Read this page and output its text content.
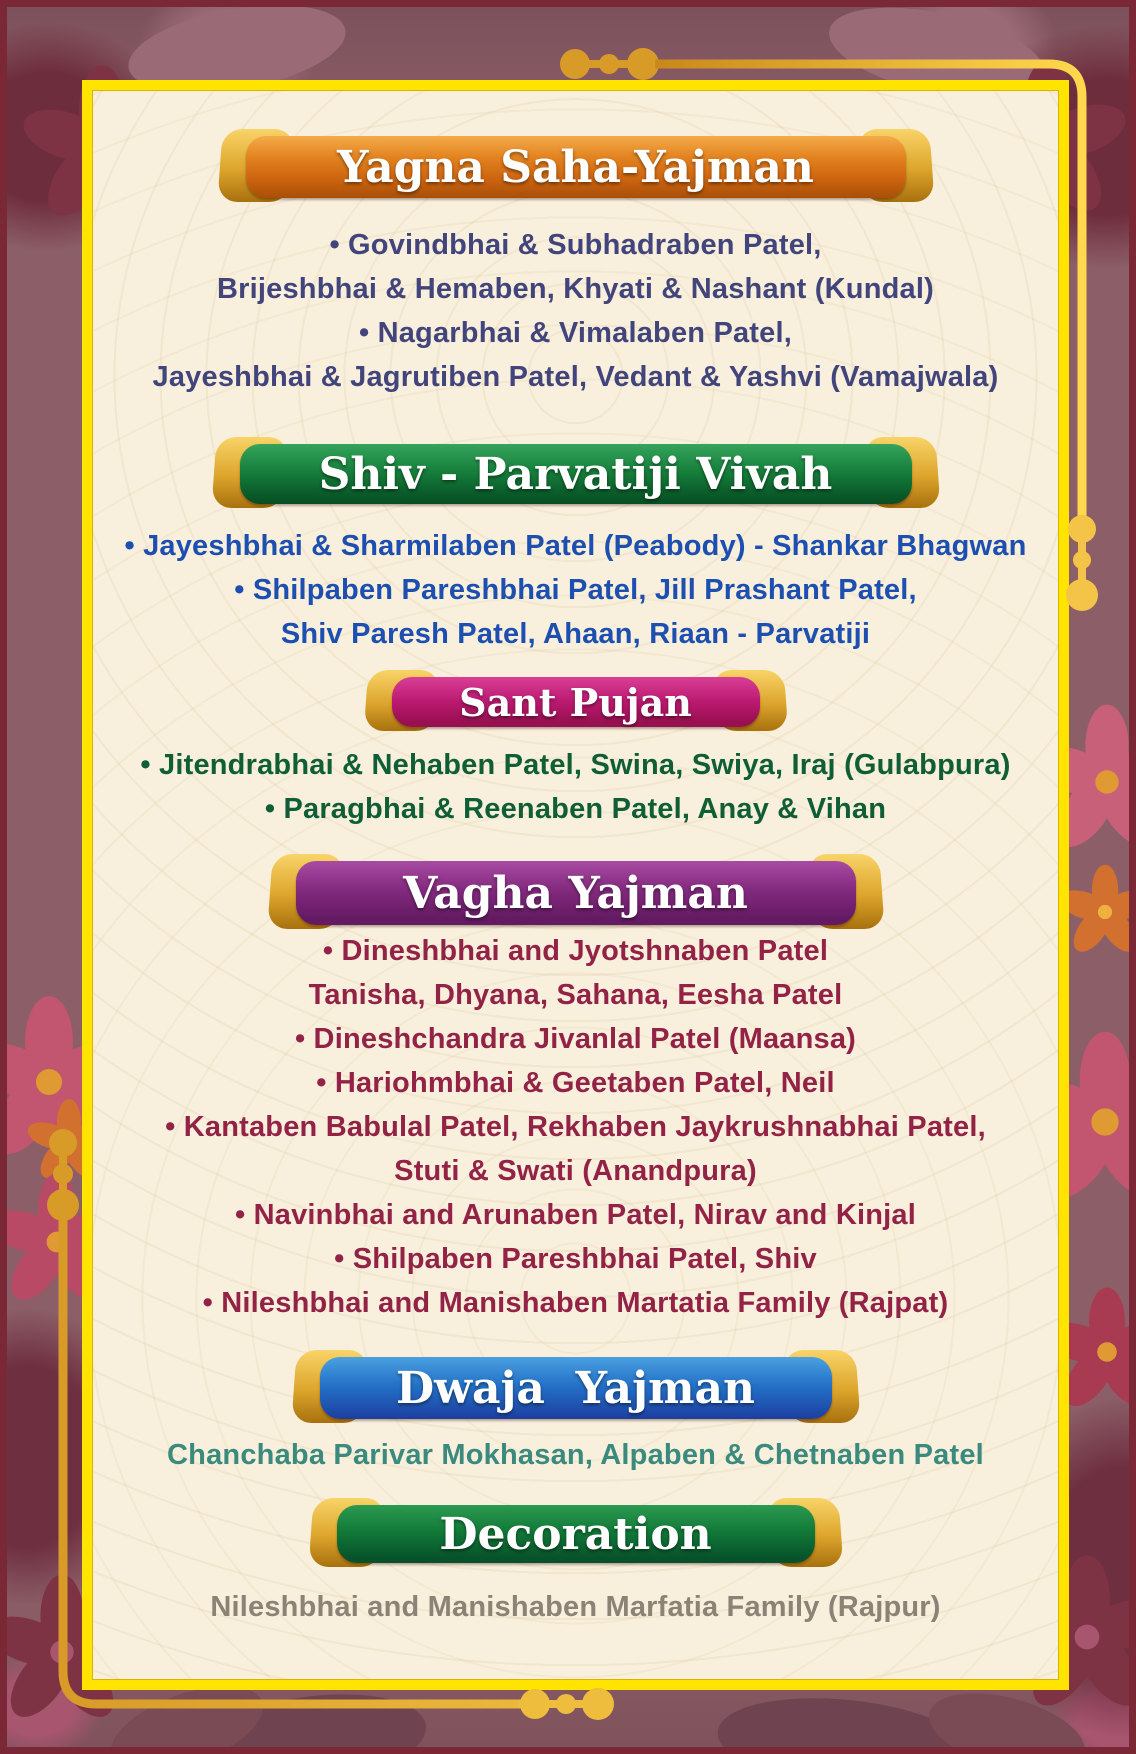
Yagna Saha-Yajman
• Govindbhai & Subhadraben Patel,
Brijeshbhai & Hemaben, Khyati & Nashant (Kundal)
• Nagarbhai & Vimalaben Patel,
Jayeshbhai & Jagrutiben Patel, Vedant & Yashvi (Vamajwala)
Shiv - Parvatiji Vivah
• Jayeshbhai & Sharmilaben Patel (Peabody) - Shankar Bhagwan
• Shilpaben Pareshbhai Patel, Jill Prashant Patel,
Shiv Paresh Patel, Ahaan, Riaan - Parvatiji
Sant Pujan
• Jitendrabhai & Nehaben Patel, Swina, Swiya, Iraj (Gulabpura)
• Paragbhai & Reenaben Patel, Anay & Vihan
Vagha Yajman
• Dineshbhai and Jyotshnaben Patel
Tanisha, Dhyana, Sahana, Eesha Patel
• Dineshchandra Jivanlal Patel (Maansa)
• Hariohmbhai & Geetaben Patel, Neil
• Kantaben Babulal Patel, Rekhaben Jaykrushnabhai Patel,
Stuti & Swati (Anandpura)
• Navinbhai and Arunaben Patel, Nirav and Kinjal
• Shilpaben Pareshbhai Patel, Shiv
• Nileshbhai and Manishaben Martatia Family (Rajpat)
Dwaja  Yajman
Chanchaba Parivar Mokhasan, Alpaben & Chetnaben Patel
Decoration
Nileshbhai and Manishaben Marfatia Family (Rajpur)
